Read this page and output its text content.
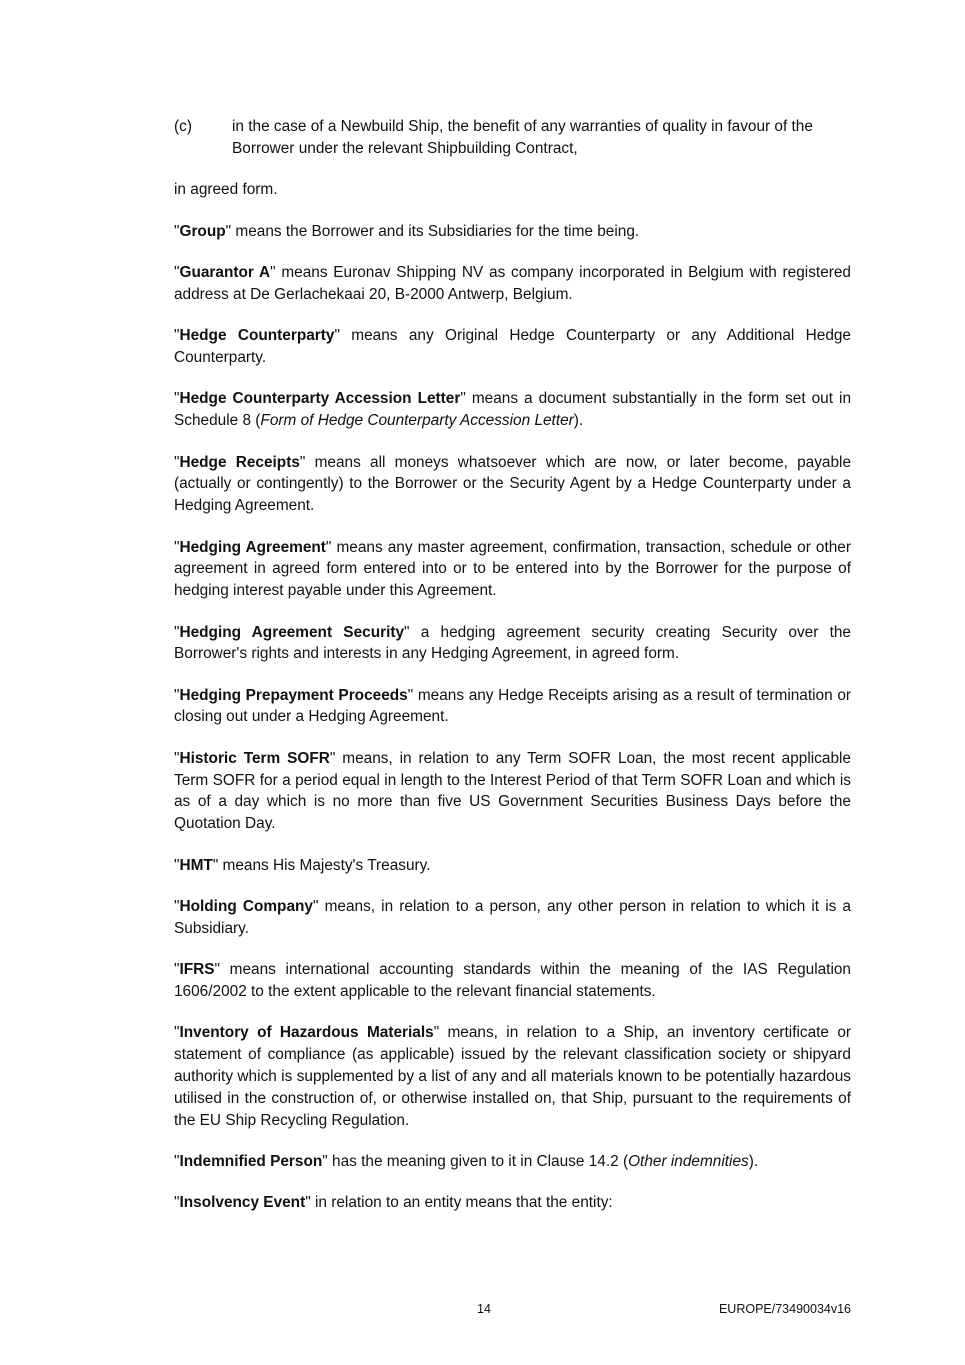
(c)	in the case of a Newbuild Ship, the benefit of any warranties of quality in favour of the Borrower under the relevant Shipbuilding Contract,

in agreed form.

"Group" means the Borrower and its Subsidiaries for the time being.

"Guarantor A" means Euronav Shipping NV as company incorporated in Belgium with registered address at De Gerlachekaai 20, B-2000 Antwerp, Belgium.

"Hedge Counterparty" means any Original Hedge Counterparty or any Additional Hedge Counterparty.

"Hedge Counterparty Accession Letter" means a document substantially in the form set out in Schedule 8 (Form of Hedge Counterparty Accession Letter).

"Hedge Receipts" means all moneys whatsoever which are now, or later become, payable (actually or contingently) to the Borrower or the Security Agent by a Hedge Counterparty under a Hedging Agreement.

"Hedging Agreement" means any master agreement, confirmation, transaction, schedule or other agreement in agreed form entered into or to be entered into by the Borrower for the purpose of hedging interest payable under this Agreement.

"Hedging Agreement Security" a hedging agreement security creating Security over the Borrower's rights and interests in any Hedging Agreement, in agreed form.

"Hedging Prepayment Proceeds" means any Hedge Receipts arising as a result of termination or closing out under a Hedging Agreement.

"Historic Term SOFR" means, in relation to any Term SOFR Loan, the most recent applicable Term SOFR for a period equal in length to the Interest Period of that Term SOFR Loan and which is as of a day which is no more than five US Government Securities Business Days before the Quotation Day.

"HMT" means His Majesty's Treasury.

"Holding Company" means, in relation to a person, any other person in relation to which it is a Subsidiary.

"IFRS" means international accounting standards within the meaning of the IAS Regulation 1606/2002 to the extent applicable to the relevant financial statements.

"Inventory of Hazardous Materials" means, in relation to a Ship, an inventory certificate or statement of compliance (as applicable) issued by the relevant classification society or shipyard authority which is supplemented by a list of any and all materials known to be potentially hazardous utilised in the construction of, or otherwise installed on, that Ship, pursuant to the requirements of the EU Ship Recycling Regulation.

"Indemnified Person" has the meaning given to it in Clause 14.2 (Other indemnities).

"Insolvency Event" in relation to an entity means that the entity:

14	EUROPE/73490034v16
